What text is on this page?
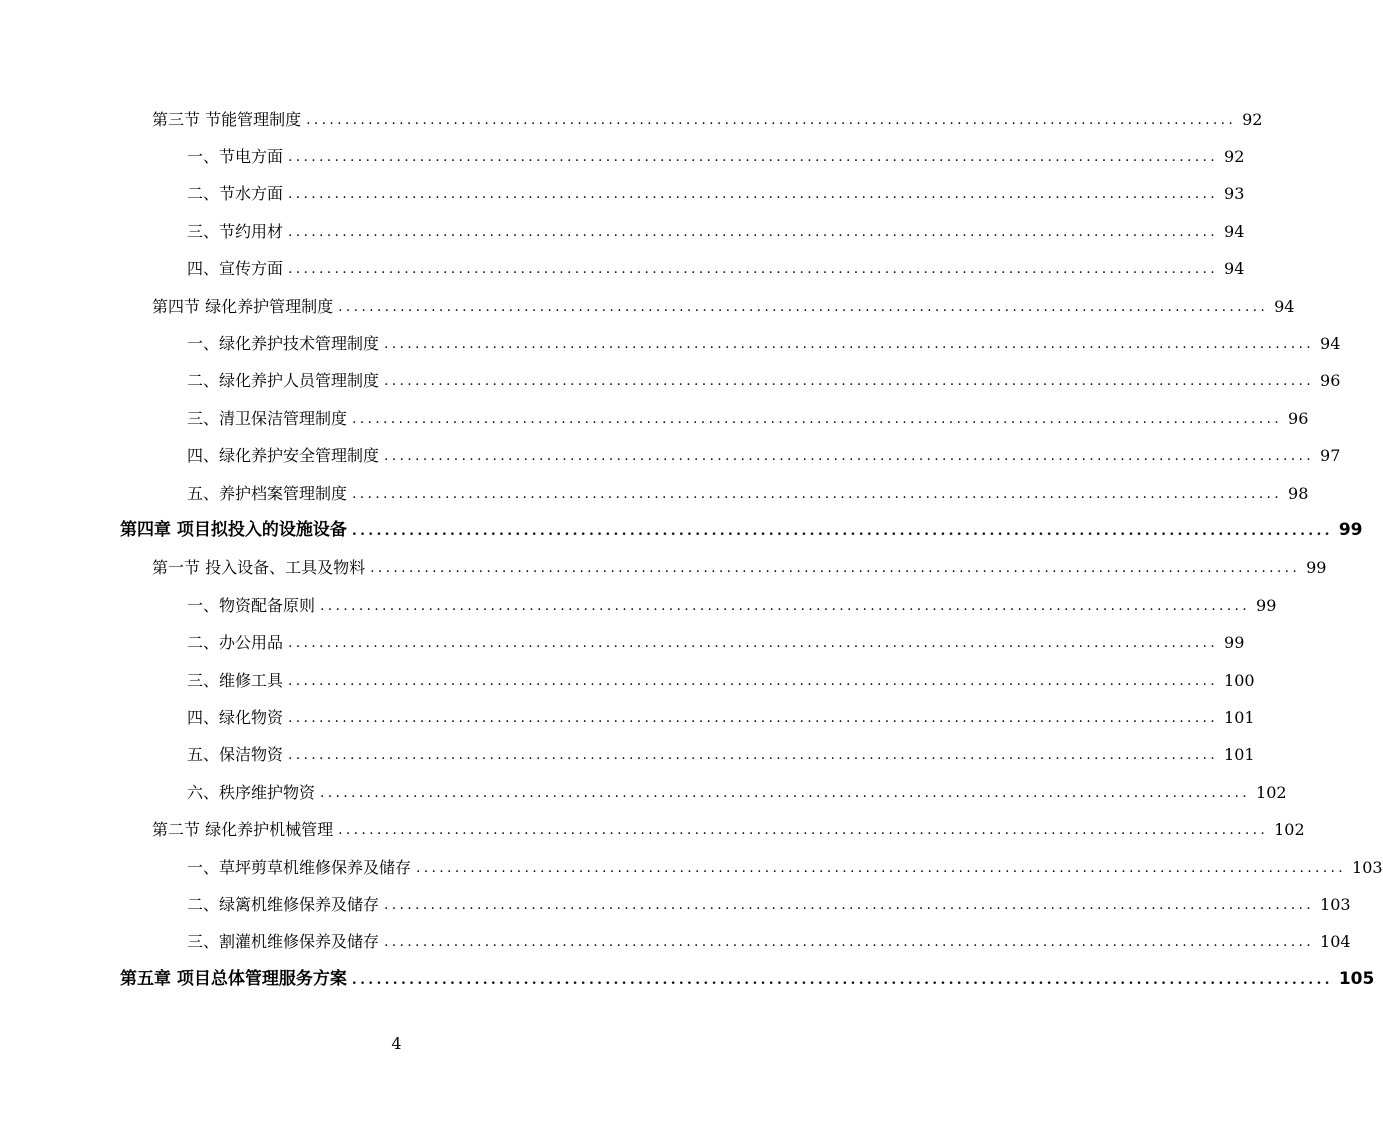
第三节 节能管理制度 ........................................................................................................................ 92
一、节电方面 ........................................................................................................................ 92
二、节水方面 ........................................................................................................................ 93
三、节约用材 ........................................................................................................................ 94
四、宣传方面 ........................................................................................................................ 94
第四节 绿化养护管理制度 ........................................................................................................................ 94
一、绿化养护技术管理制度 ........................................................................................................................ 94
二、绿化养护人员管理制度 ........................................................................................................................ 96
三、清卫保洁管理制度 ........................................................................................................................ 96
四、绿化养护安全管理制度 ........................................................................................................................ 97
五、养护档案管理制度 ........................................................................................................................ 98
第四章 项目拟投入的设施设备 ........................................................................................................................ 99
第一节 投入设备、工具及物料 ........................................................................................................................ 99
一、物资配备原则 ........................................................................................................................ 99
二、办公用品 ........................................................................................................................ 99
三、维修工具 ........................................................................................................................ 100
四、绿化物资 ........................................................................................................................ 101
五、保洁物资 ........................................................................................................................ 101
六、秩序维护物资 ........................................................................................................................ 102
第二节 绿化养护机械管理 ........................................................................................................................ 102
一、草坪剪草机维修保养及储存 ........................................................................................................................ 103
二、绿篱机维修保养及储存 ........................................................................................................................ 103
三、割灌机维修保养及储存 ........................................................................................................................ 104
第五章 项目总体管理服务方案 ........................................................................................................................ 105
4
